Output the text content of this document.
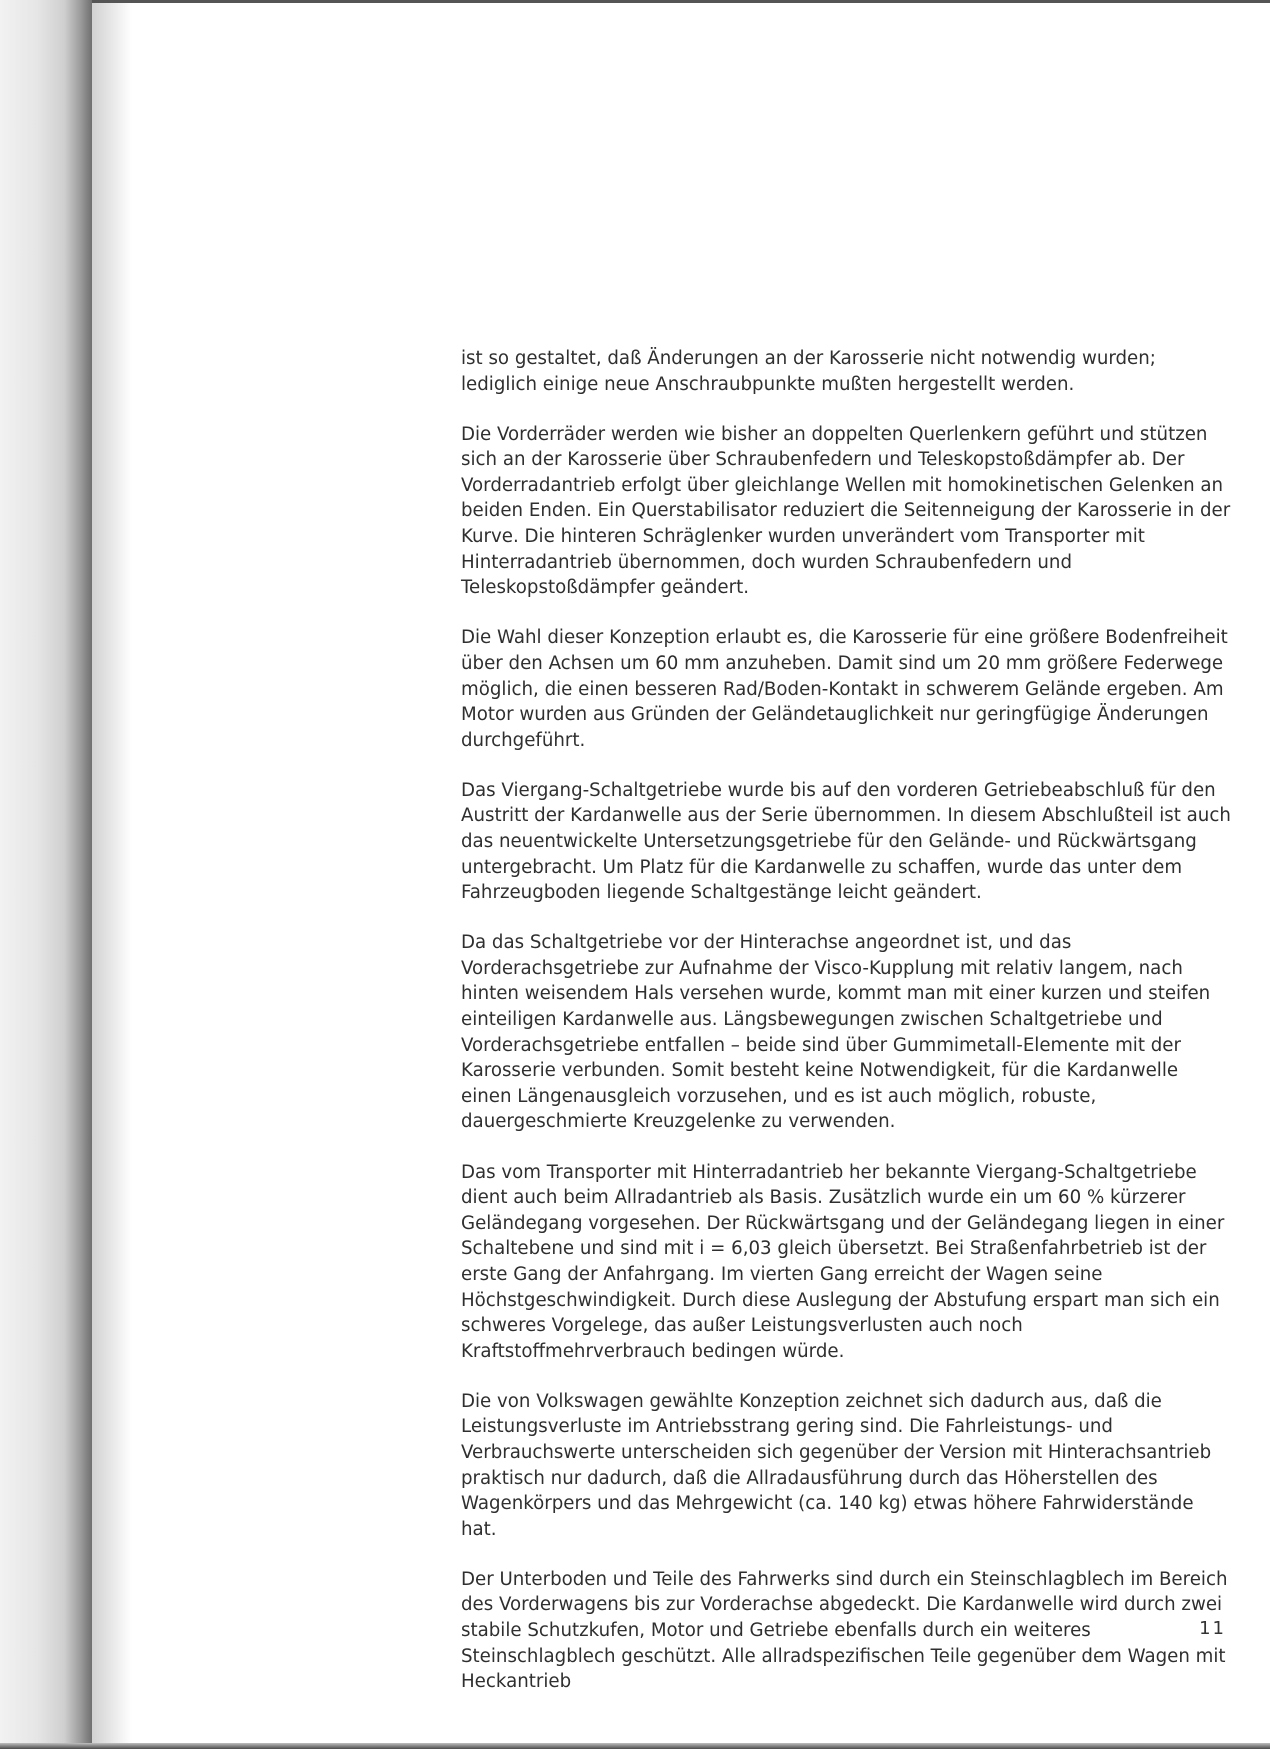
ist so gestaltet, daß Änderungen an der Karosserie nicht notwendig wurden; lediglich einige neue Anschraubpunkte mußten hergestellt werden.

Die Vorderräder werden wie bisher an doppelten Querlenkern geführt und stützen sich an der Karosserie über Schraubenfedern und Teleskopstoßdämpfer ab. Der Vorderradantrieb erfolgt über gleichlange Wellen mit homokinetischen Gelenken an beiden Enden. Ein Querstabilisator reduziert die Seitenneigung der Karosserie in der Kurve. Die hinteren Schräglenker wurden unverändert vom Transporter mit Hinterradantrieb übernommen, doch wurden Schraubenfedern und Teleskopstoßdämpfer geändert.

Die Wahl dieser Konzeption erlaubt es, die Karosserie für eine größere Bodenfreiheit über den Achsen um 60 mm anzuheben. Damit sind um 20 mm größere Federwege möglich, die einen besseren Rad/Boden-Kontakt in schwerem Gelände ergeben. Am Motor wurden aus Gründen der Geländetauglichkeit nur geringfügige Änderungen durchgeführt.

Das Viergang-Schaltgetriebe wurde bis auf den vorderen Getriebeabschluß für den Austritt der Kardanwelle aus der Serie übernommen. In diesem Abschlußteil ist auch das neuentwickelte Untersetzungsgetriebe für den Gelände- und Rückwärtsgang untergebracht. Um Platz für die Kardanwelle zu schaffen, wurde das unter dem Fahrzeugboden liegende Schaltgestänge leicht geändert.

Da das Schaltgetriebe vor der Hinterachse angeordnet ist, und das Vorderachsgetriebe zur Aufnahme der Visco-Kupplung mit relativ langem, nach hinten weisendem Hals versehen wurde, kommt man mit einer kurzen und steifen einteiligen Kardanwelle aus. Längsbewegungen zwischen Schaltgetriebe und Vorderachsgetriebe entfallen – beide sind über Gummimetall-Elemente mit der Karosserie verbunden. Somit besteht keine Notwendigkeit, für die Kardanwelle einen Längenausgleich vorzusehen, und es ist auch möglich, robuste, dauergeschmierte Kreuzgelenke zu verwenden.

Das vom Transporter mit Hinterradantrieb her bekannte Viergang-Schaltgetriebe dient auch beim Allradantrieb als Basis. Zusätzlich wurde ein um 60 % kürzerer Geländegang vorgesehen. Der Rückwärtsgang und der Geländegang liegen in einer Schaltebene und sind mit i = 6,03 gleich übersetzt. Bei Straßenfahrbetrieb ist der erste Gang der Anfahrgang. Im vierten Gang erreicht der Wagen seine Höchstgeschwindigkeit. Durch diese Auslegung der Abstufung erspart man sich ein schweres Vorgelege, das außer Leistungsverlusten auch noch Kraftstoffmehrverbrauch bedingen würde.

Die von Volkswagen gewählte Konzeption zeichnet sich dadurch aus, daß die Leistungsverluste im Antriebsstrang gering sind. Die Fahrleistungs- und Verbrauchswerte unterscheiden sich gegenüber der Version mit Hinterachsantrieb praktisch nur dadurch, daß die Allradausführung durch das Höherstellen des Wagenkörpers und das Mehrgewicht (ca. 140 kg) etwas höhere Fahrwiderstände hat.

Der Unterboden und Teile des Fahrwerks sind durch ein Steinschlagblech im Bereich des Vorderwagens bis zur Vorderachse abgedeckt. Die Kardanwelle wird durch zwei stabile Schutzkufen, Motor und Getriebe ebenfalls durch ein weiteres Steinschlagblech geschützt. Alle allradspezifischen Teile gegenüber dem Wagen mit Heckantrieb

11
